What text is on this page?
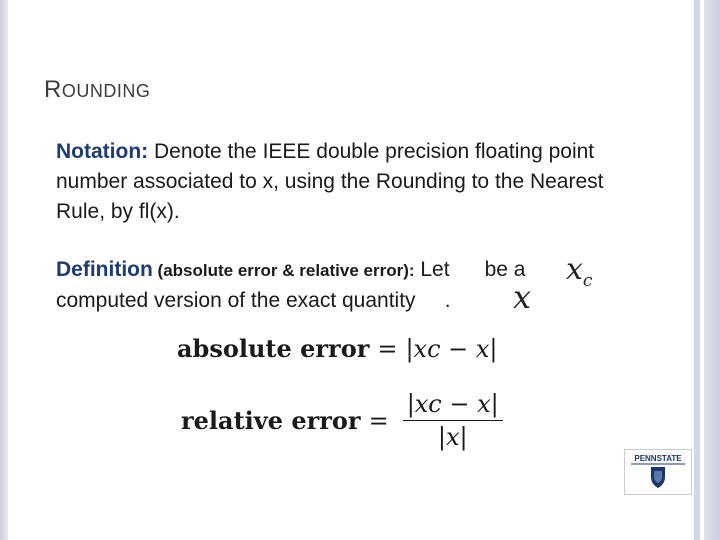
ROUNDING
Notation: Denote the IEEE double precision floating point number associated to x, using the Rounding to the Nearest Rule, by fl(x).
Definition (absolute error & relative error): Let      be a
computed version of the exact quantity     .
$x_c$
x
absolute error = |xc − x|
relative error = $\frac{|xc - x|}{|x|}$
PENNSTATE
